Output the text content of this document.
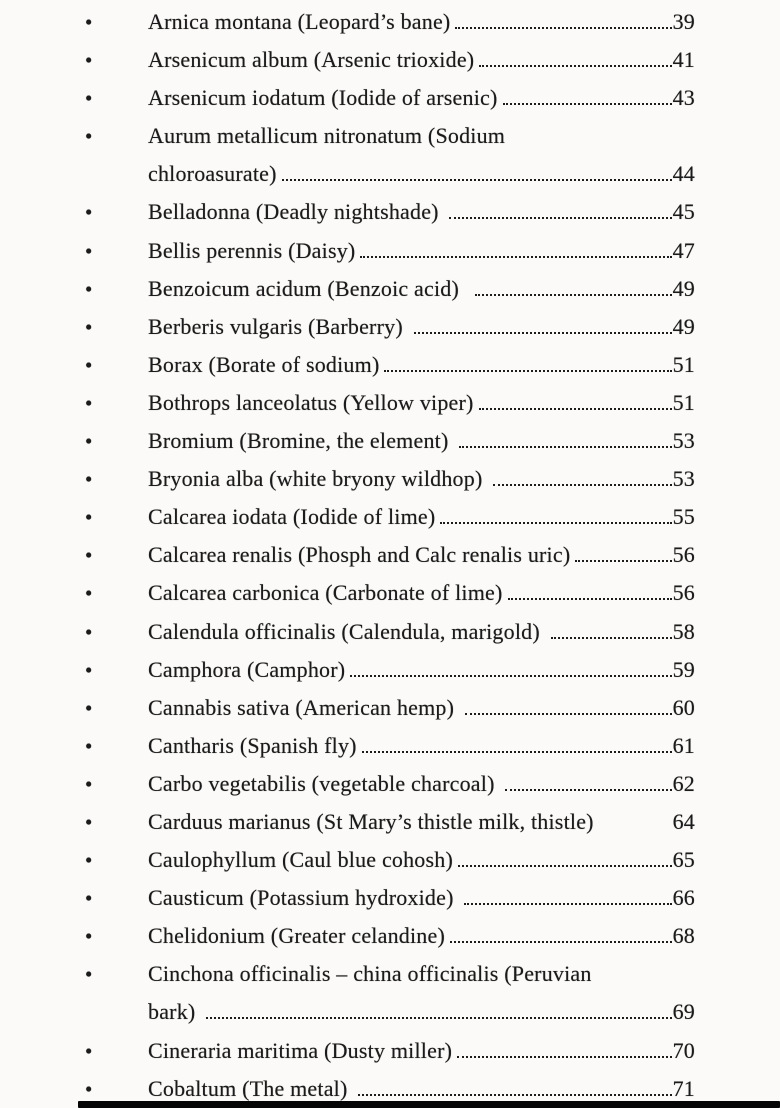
•	Arnica montana (Leopard’s bane)	39
•	Arsenicum album (Arsenic trioxide)	41
•	Arsenicum iodatum (Iodide of arsenic)	43
•	Aurum metallicum nitronatum (Sodium
chloroasurate)	44
•	Belladonna (Deadly nightshade)	45
•	Bellis perennis (Daisy)	47
•	Benzoicum acidum (Benzoic acid)	49
•	Berberis vulgaris (Barberry)	49
•	Borax (Borate of sodium)	51
•	Bothrops lanceolatus (Yellow viper)	51
•	Bromium (Bromine, the element)	53
•	Bryonia alba (white bryony wildhop)	53
•	Calcarea iodata (Iodide of lime)	55
•	Calcarea renalis (Phosph and Calc renalis uric)	56
•	Calcarea carbonica (Carbonate of lime)	56
•	Calendula officinalis (Calendula, marigold)	58
•	Camphora (Camphor)	59
•	Cannabis sativa (American hemp)	60
•	Cantharis (Spanish fly)	61
•	Carbo vegetabilis (vegetable charcoal)	62
•	Carduus marianus (St Mary’s thistle milk, thistle)	64
•	Caulophyllum (Caul blue cohosh)	65
•	Causticum (Potassium hydroxide)	66
•	Chelidonium (Greater celandine)	68
•	Cinchona officinalis – china officinalis (Peruvian
bark)	69
•	Cineraria maritima (Dusty miller)	70
•	Cobaltum (The metal)	71
